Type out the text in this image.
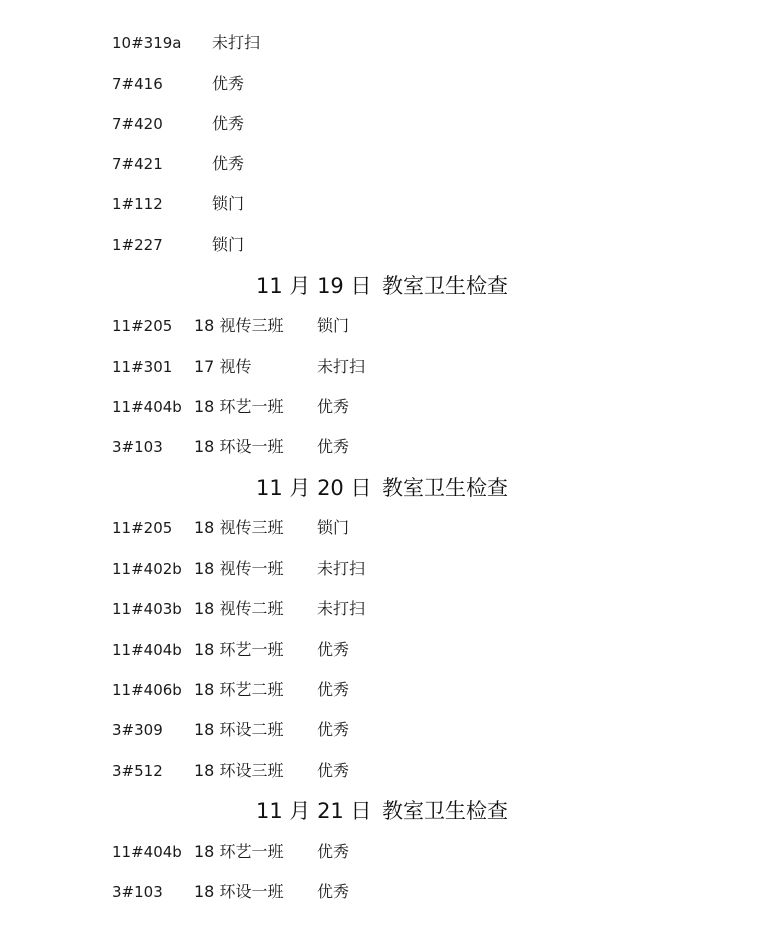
10#319a 未打扫
7#416	优秀
7#420	优秀
7#421	优秀
1#112	锁门
1#227	锁门
11 月 19 日 教室卫生检查
11#205 18 视传三班 锁门
11#301 17 视传	未打扫
11#404b 18 环艺一班 优秀
3#103 18 环设一班 优秀
11 月 20 日 教室卫生检查
11#205 18 视传三班 锁门
11#402b 18 视传一班 未打扫
11#403b 18 视传二班 未打扫
11#404b 18 环艺一班 优秀
11#406b 18 环艺二班 优秀
3#309 18 环设二班 优秀
3#512 18 环设三班 优秀
11 月 21 日 教室卫生检查
11#404b 18 环艺一班 优秀
3#103 18 环设一班 优秀
